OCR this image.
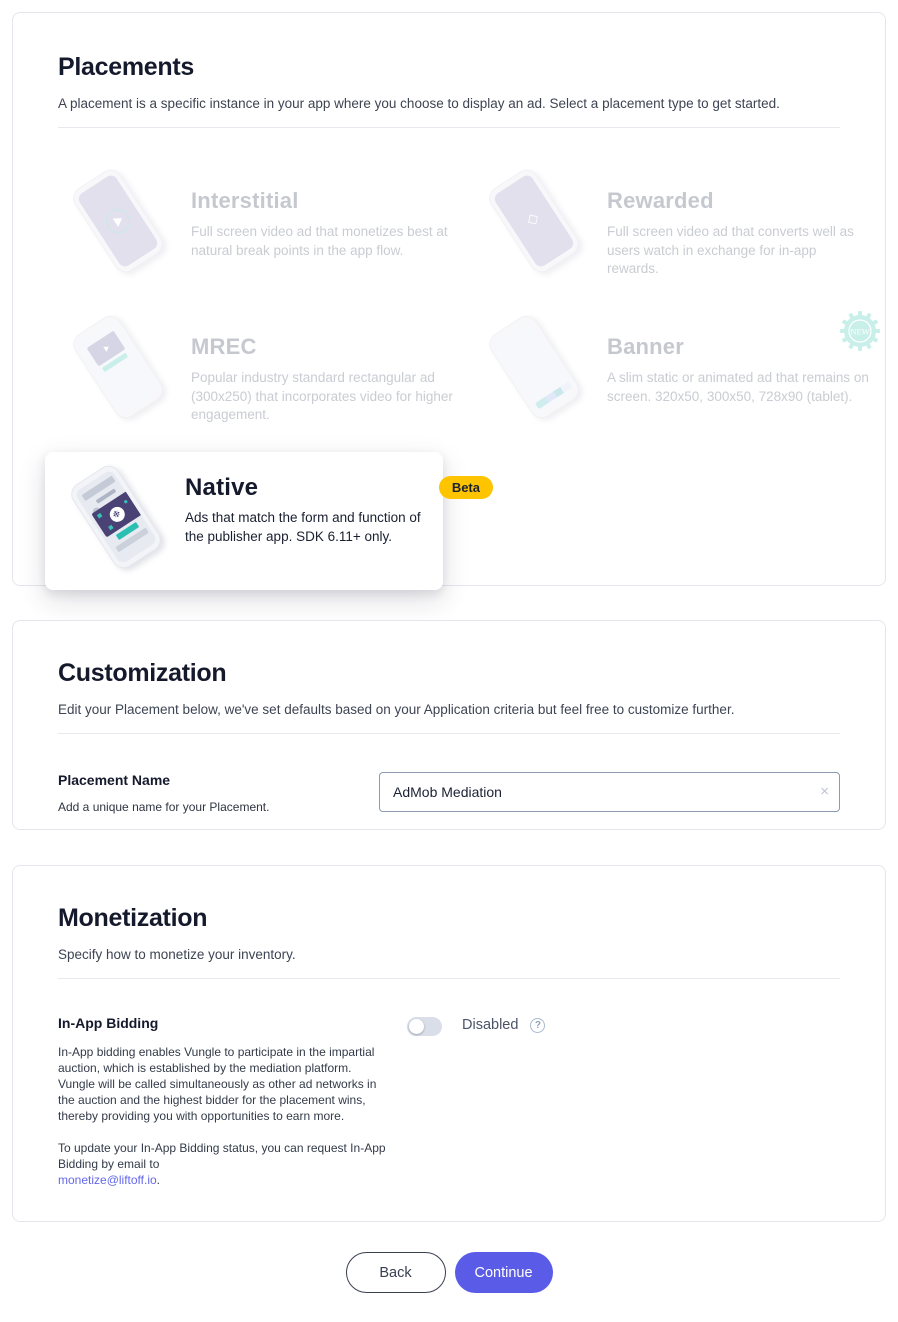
Placements

A placement is a specific instance in your app where you choose to display an ad. Select a placement type to get started.

Interstitial

Full screen video ad that monetizes best at natural break points in the app flow.

◇
Rewarded

Full screen video ad that converts well as users watch in exchange for in-app rewards.

MREC

Popular industry standard rectangular ad (300x250) that incorporates video for higher engagement.

Banner

A slim static or animated ad that remains on screen. 320x50, 300x50, 728x90 (tablet).

NEW
❉
Native

Ads that match the form and function of the publisher app. SDK 6.11+ only.

Beta
Customization

Edit your Placement below, we've set defaults based on your Application criteria but feel free to customize further.

Placement Name
Add a unique name for your Placement.
AdMob Mediation
×
Monetization

Specify how to monetize your inventory.

In-App Bidding

In-App bidding enables Vungle to participate in the impartial auction, which is established by the mediation platform. Vungle will be called simultaneously as other ad networks in the auction and the highest bidder for the placement wins, thereby providing you with opportunities to earn more.

To update your In-App Bidding status, you can request In-App Bidding by email to
monetize@liftoff.io.

Disabled	?
Back	Continue
